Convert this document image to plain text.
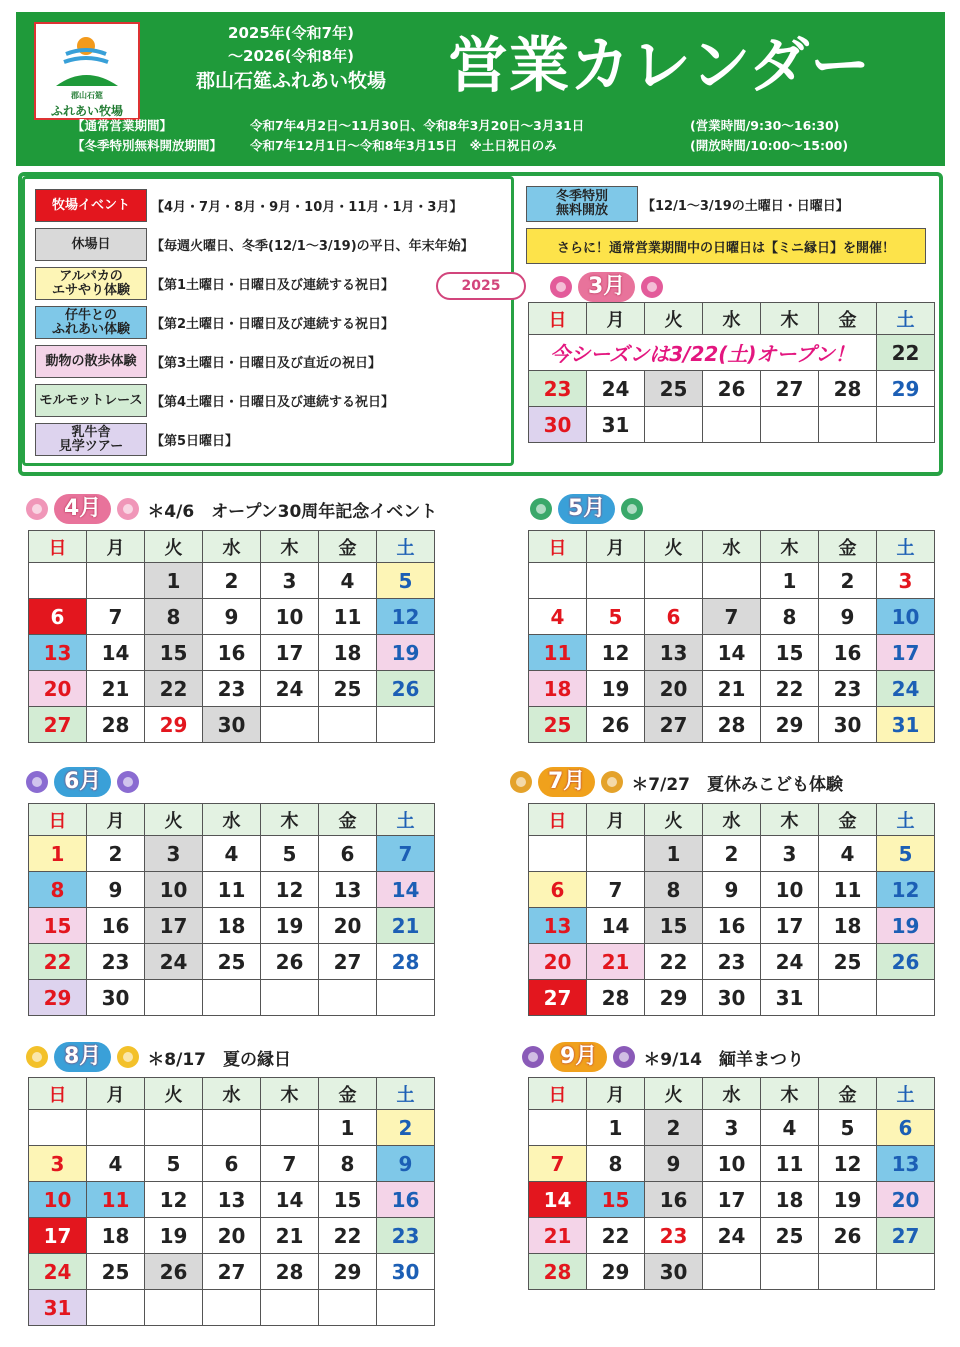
郡山石筵
ふれあい牧場
2025年(令和7年)
～2026(令和8年)
郡山石筵ふれあい牧場	営業カレンダー
【通常営業期間】	令和7年4月2日～11月30日、令和8年3月20日～3月31日	(営業時間/9:30～16:30)
【冬季特別無料開放期間】 令和7年12月1日～令和8年3月15日　※土日祝日のみ	(開放時間/10:00～15:00)
牧場イベント	【4月・7月・8月・9月・10月・11月・1月・3月】
休場日	【毎週火曜日、冬季(12/1～3/19)の平日、年末年始】
アルパカの
エサやり体験	【第1土曜日・日曜日及び連続する祝日】
仔牛との
ふれあい体験	【第2土曜日・日曜日及び連続する祝日】
動物の散歩体験	【第3土曜日・日曜日及び直近の祝日】
モルモットレース 【第4土曜日・日曜日及び連続する祝日】
乳牛舎
見学ツアー	【第5日曜日】
冬季特別
無料開放	【12/1～3/19の土曜日・日曜日】
さらに！通常営業期間中の日曜日は【ミニ縁日】を開催！
2025	3月
日	月	火	水	木	金	土
今シーズンは3/22(土)オープン！						22
23	24	25	26	27	28	29
30	31					
4月	＊4/6　オープン30周年記念イベント
日	月	火	水	木	金	土
		1	2	3	4	5
6	7	8	9	10	11	12
13	14	15	16	17	18	19
20	21	22	23	24	25	26
27	28	29	30			
5月
日	月	火	水	木	金	土
				1	2	3
4	5	6	7	8	9	10
11	12	13	14	15	16	17
18	19	20	21	22	23	24
25	26	27	28	29	30	31
6月
日	月	火	水	木	金	土
1	2	3	4	5	6	7
8	9	10	11	12	13	14
15	16	17	18	19	20	21
22	23	24	25	26	27	28
29	30					
7月	＊7/27　夏休みこども体験
日	月	火	水	木	金	土
		1	2	3	4	5
6	7	8	9	10	11	12
13	14	15	16	17	18	19
20	21	22	23	24	25	26
27	28	29	30	31		
8月	＊8/17　夏の縁日
日	月	火	水	木	金	土
					1	2
3	4	5	6	7	8	9
10	11	12	13	14	15	16
17	18	19	20	21	22	23
24	25	26	27	28	29	30
31						
9月	＊9/14　緬羊まつり
日	月	火	水	木	金	土
	1	2	3	4	5	6
7	8	9	10	11	12	13
14	15	16	17	18	19	20
21	22	23	24	25	26	27
28	29	30				
